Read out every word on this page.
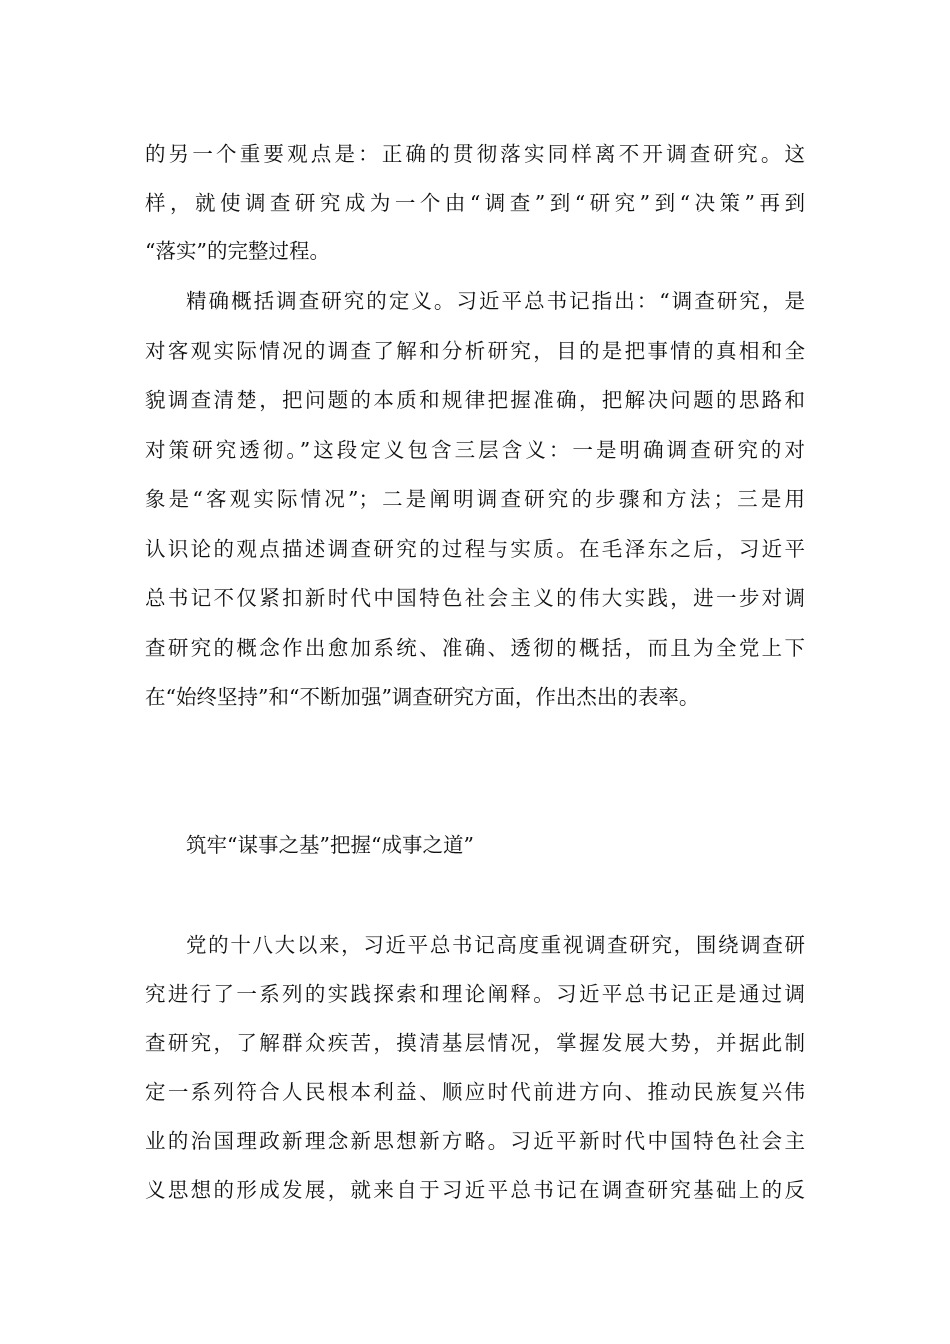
的另一个重要观点是：正确的贯彻落实同样离不开调查研究。这
样，就使调查研究成为一个由“调查”到“研究”到“决策”再到
“落实”的完整过程。
精确概括调查研究的定义。习近平总书记指出：“调查研究，是
对客观实际情况的调查了解和分析研究，目的是把事情的真相和全
貌调查清楚，把问题的本质和规律把握准确，把解决问题的思路和
对策研究透彻。”这段定义包含三层含义：一是明确调查研究的对
象是“客观实际情况”；二是阐明调查研究的步骤和方法；三是用
认识论的观点描述调查研究的过程与实质。在毛泽东之后，习近平
总书记不仅紧扣新时代中国特色社会主义的伟大实践，进一步对调
查研究的概念作出愈加系统、准确、透彻的概括，而且为全党上下
在“始终坚持”和“不断加强”调查研究方面，作出杰出的表率。
筑牢“谋事之基”把握“成事之道”
党的十八大以来，习近平总书记高度重视调查研究，围绕调查研
究进行了一系列的实践探索和理论阐释。习近平总书记正是通过调
查研究，了解群众疾苦，摸清基层情况，掌握发展大势，并据此制
定一系列符合人民根本利益、顺应时代前进方向、推动民族复兴伟
业的治国理政新理念新思想新方略。习近平新时代中国特色社会主
义思想的形成发展，就来自于习近平总书记在调查研究基础上的反
